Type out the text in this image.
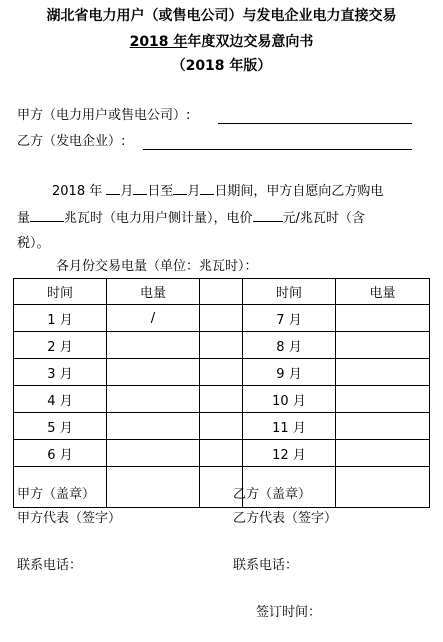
湖北省电力用户（或售电公司）与发电企业电力直接交易
2018 年年度双边交易意向书
（2018 年版）
甲方（电力用户或售电公司）:
乙方（发电企业）:
2018 年 月 日至 月 日期间，甲方自愿向乙方购电
量	兆瓦时（电力用户侧计量），电价 元/兆瓦时（含
税）。
各月份交易电量（单位：兆瓦时）：
时间	电量		时间	电量
1 月	/		7 月	
2 月			8 月	
3 月			9 月	
4 月			10 月	
5 月			11 月	
6 月			12 月	

甲方（盖章）	乙方（盖章）
甲方代表（签字）	乙方代表（签字）
联系电话：	联系电话：
签订时间：
